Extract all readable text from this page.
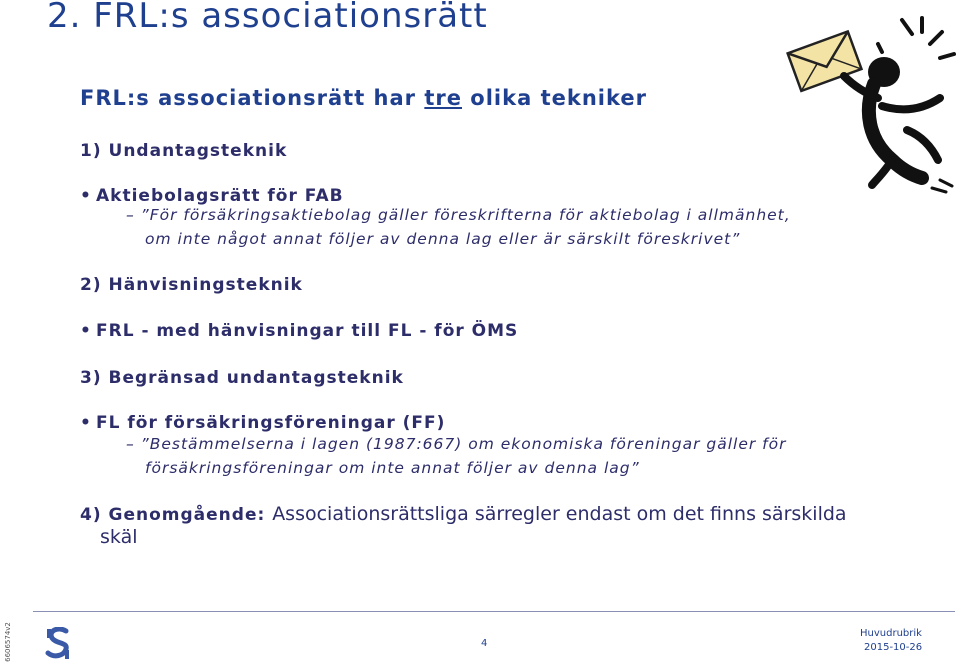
2. FRL:s associationsrätt
FRL:s associationsrätt har tre olika tekniker
1) Undantagsteknik
• Aktiebolagsrätt för FAB
– ”För försäkringsaktiebolag gäller föreskrifterna för aktiebolag i allmänhet,
om inte något annat följer av denna lag eller är särskilt föreskrivet”
2) Hänvisningsteknik
• FRL - med hänvisningar till FL - för ÖMS
3) Begränsad undantagsteknik
• FL för försäkringsföreningar (FF)
– ”Bestämmelserna i lagen (1987:667) om ekonomiska föreningar gäller för
försäkringsföreningar om inte annat följer av denna lag”
4) Genomgående: Associationsrättsliga särregler endast om det finns särskilda
skäl
6606574v2	4
Huvudrubrik
2015-10-26
